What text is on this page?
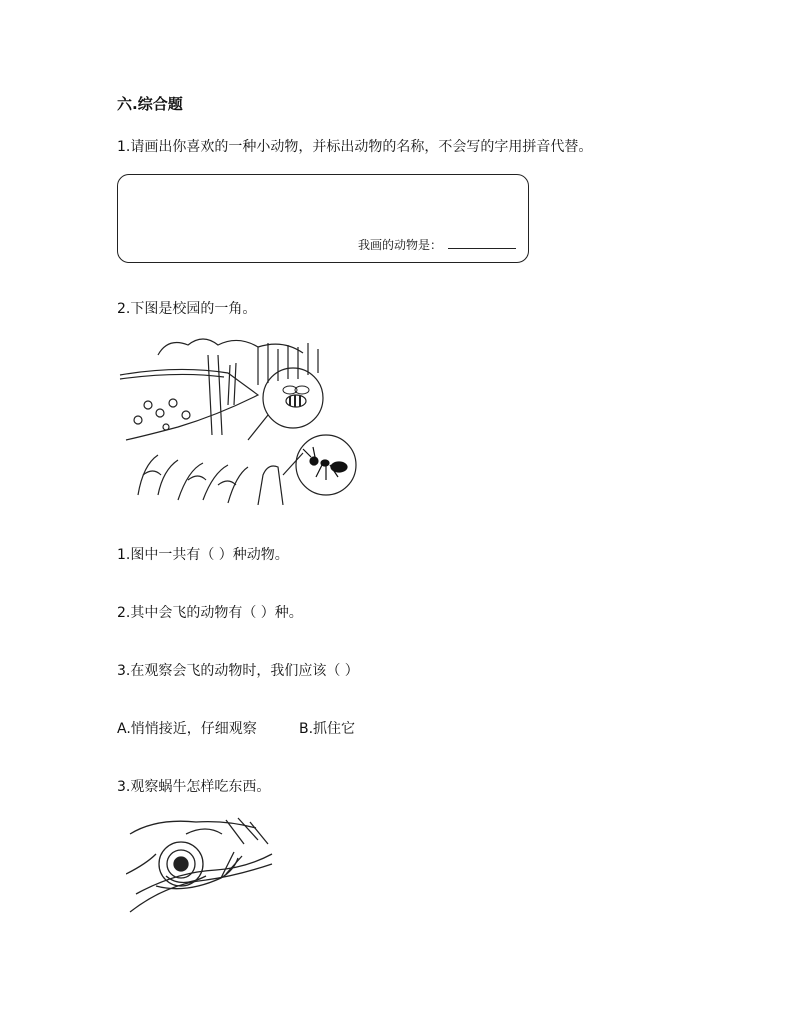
六.综合题
1.请画出你喜欢的一种小动物，并标出动物的名称，不会写的字用拼音代替。
我画的动物是：
2.下图是校园的一角。
1.图中一共有（ ）种动物。
2.其中会飞的动物有（ ）种。
3.在观察会飞的动物时，我们应该（ ）
A.悄悄接近，仔细观察	B.抓住它
3.观察蜗牛怎样吃东西。
